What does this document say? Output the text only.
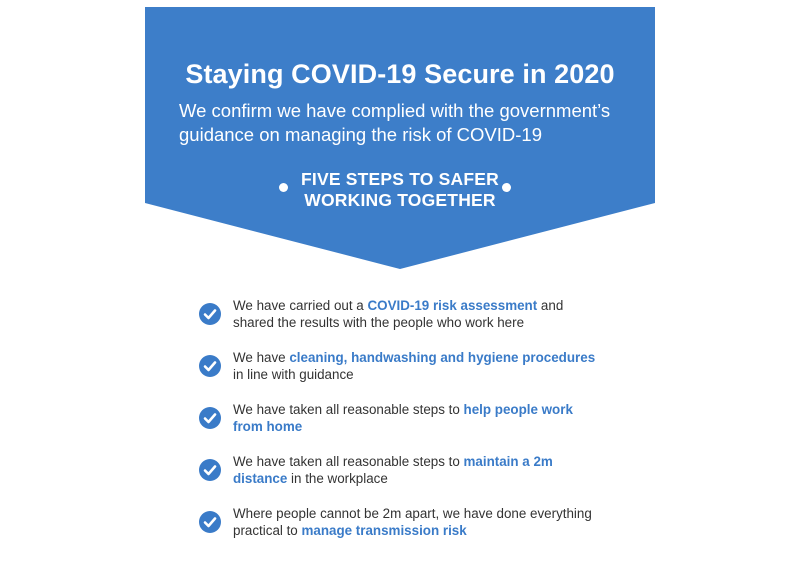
Staying COVID-19 Secure in 2020
We confirm we have complied with the government’s
guidance on managing the risk of COVID-19
FIVE STEPS TO SAFER
WORKING TOGETHER
We have carried out a COVID-19 risk assessment and
shared the results with the people who work here
We have cleaning, handwashing and hygiene procedures
in line with guidance
We have taken all reasonable steps to help people work
from home
We have taken all reasonable steps to maintain a 2m
distance in the workplace
Where people cannot be 2m apart, we have done everything
practical to manage transmission risk
